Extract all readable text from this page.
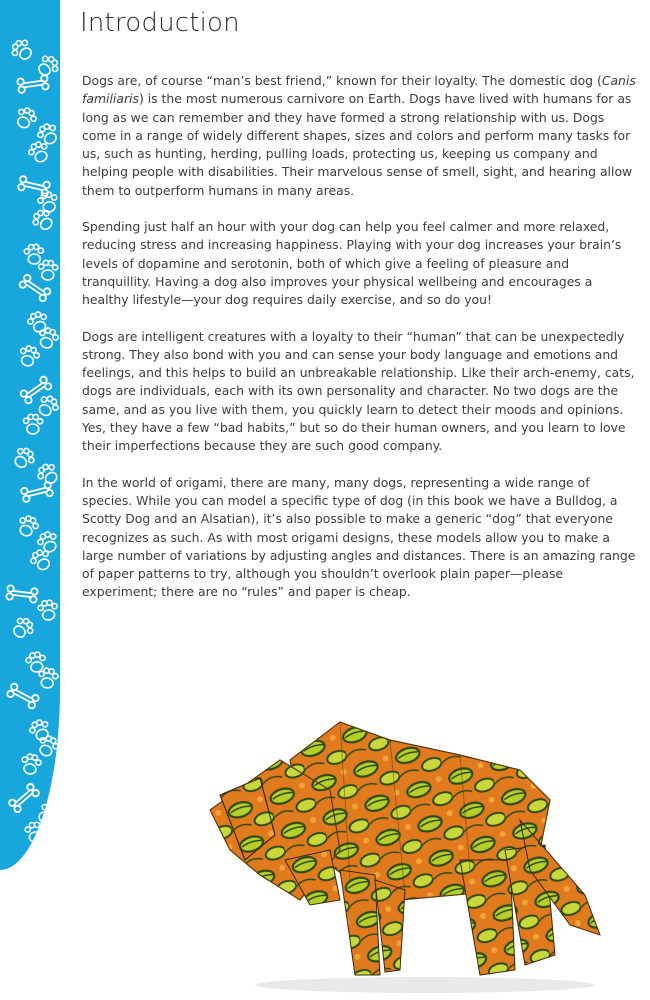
Introduction

Dogs are, of course “man’s best friend,” known for their loyalty. The domestic dog (Canis familiaris) is the most numerous carnivore on Earth. Dogs have lived with humans for as long as we can remember and they have formed a strong relationship with us. Dogs come in a range of widely different shapes, sizes and colors and perform many tasks for us, such as hunting, herding, pulling loads, protecting us, keeping us company and helping people with disabilities. Their marvelous sense of smell, sight, and hearing allow them to outperform humans in many areas.

Spending just half an hour with your dog can help you feel calmer and more relaxed, reducing stress and increasing happiness. Playing with your dog increases your brain’s levels of dopamine and serotonin, both of which give a feeling of pleasure and tranquillity. Having a dog also improves your physical wellbeing and encourages a healthy lifestyle—your dog requires daily exercise, and so do you!

Dogs are intelligent creatures with a loyalty to their “human” that can be unexpectedly strong. They also bond with you and can sense your body language and emotions and feelings, and this helps to build an unbreakable relationship. Like their arch-enemy, cats, dogs are individuals, each with its own personality and character. No two dogs are the same, and as you live with them, you quickly learn to detect their moods and opinions. Yes, they have a few “bad habits,” but so do their human owners, and you learn to love their imperfections because they are such good company.

In the world of origami, there are many, many dogs, representing a wide range of species. While you can model a specific type of dog (in this book we have a Bulldog, a Scotty Dog and an Alsatian), it’s also possible to make a generic “dog” that everyone recognizes as such. As with most origami designs, these models allow you to make a large number of variations by adjusting angles and distances. There is an amazing range of paper patterns to try, although you shouldn’t overlook plain paper—please experiment; there are no “rules” and paper is cheap.
